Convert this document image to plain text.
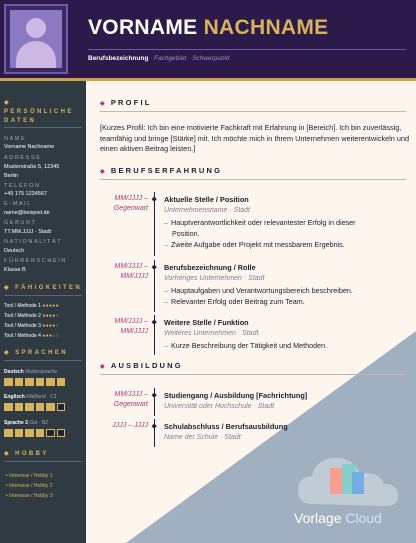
VORNAME NACHNAME
Berufsbezeichnung · Fachgebiet · Schwerpunkt
◆ PERSÖNLICHE DATEN
NAME
Vorname Nachname
ADRESSE
Musterstraße 5, 12345
Berlin
TELEFON
+49 175 1234567
E-MAIL
name@beispiel.de
GEBURT
TT.MM.JJJJ · Stadt
NATIONALITÄT
Deutsch
FÜHRERSCHEIN
Klasse B
◆ FÄHIGKEITEN
Tool / Methode 1 ●●●●●
Tool / Methode 2 ●●●●○
Tool / Methode 3 ●●●●○
Tool / Methode 4 ●●●○○
◆ SPRACHEN
Deutsch Muttersprache
Englisch Fließend · C1
Sprache 3 Gut · B2
◆ HOBBY
• Interesse / Hobby 1
• Interesse / Hobby 2
• Interesse / Hobby 3
◆ PROFIL
[Kurzes Profil: Ich bin eine motivierte Fachkraft mit Erfahrung in [Bereich]. Ich bin zuverlässig, teamfähig und bringe [Stärke] mit. Ich möchte mich in Ihrem Unternehmen weiterentwickeln und einen aktiven Beitrag leisten.]
◆ BERUFSERFAHRUNG
MM/JJJJ –
Gegenwart
◆ Aktuelle Stelle / Position
Unternehmensname · Stadt
– Hauptverantwortlichkeit oder relevantester Erfolg in dieser
Position.
– Zweite Aufgabe oder Projekt mit messbarem Ergebnis.
MM/JJJJ –
MM/JJJJ
◆ Berufsbezeichnung / Rolle
Vorheriges Unternehmen · Stadt
– Hauptaufgaben und Verantwortungsbereich beschreiben.
– Relevanter Erfolg oder Beitrag zum Team.
MM/JJJJ –
MM/JJJJ
◆ Weitere Stelle / Funktion
Weiteres Unternehmen · Stadt
– Kurze Beschreibung der Tätigkeit und Methoden.
◆ AUSBILDUNG
MM/JJJJ –
Gegenwart
◆ Studiengang / Ausbildung [Fachrichtung]
Universität oder Hochschule · Stadt
JJJJ – JJJJ ◆ Schulabschluss / Berufsausbildung
Name der Schule · Stadt
Vorlage Cloud
